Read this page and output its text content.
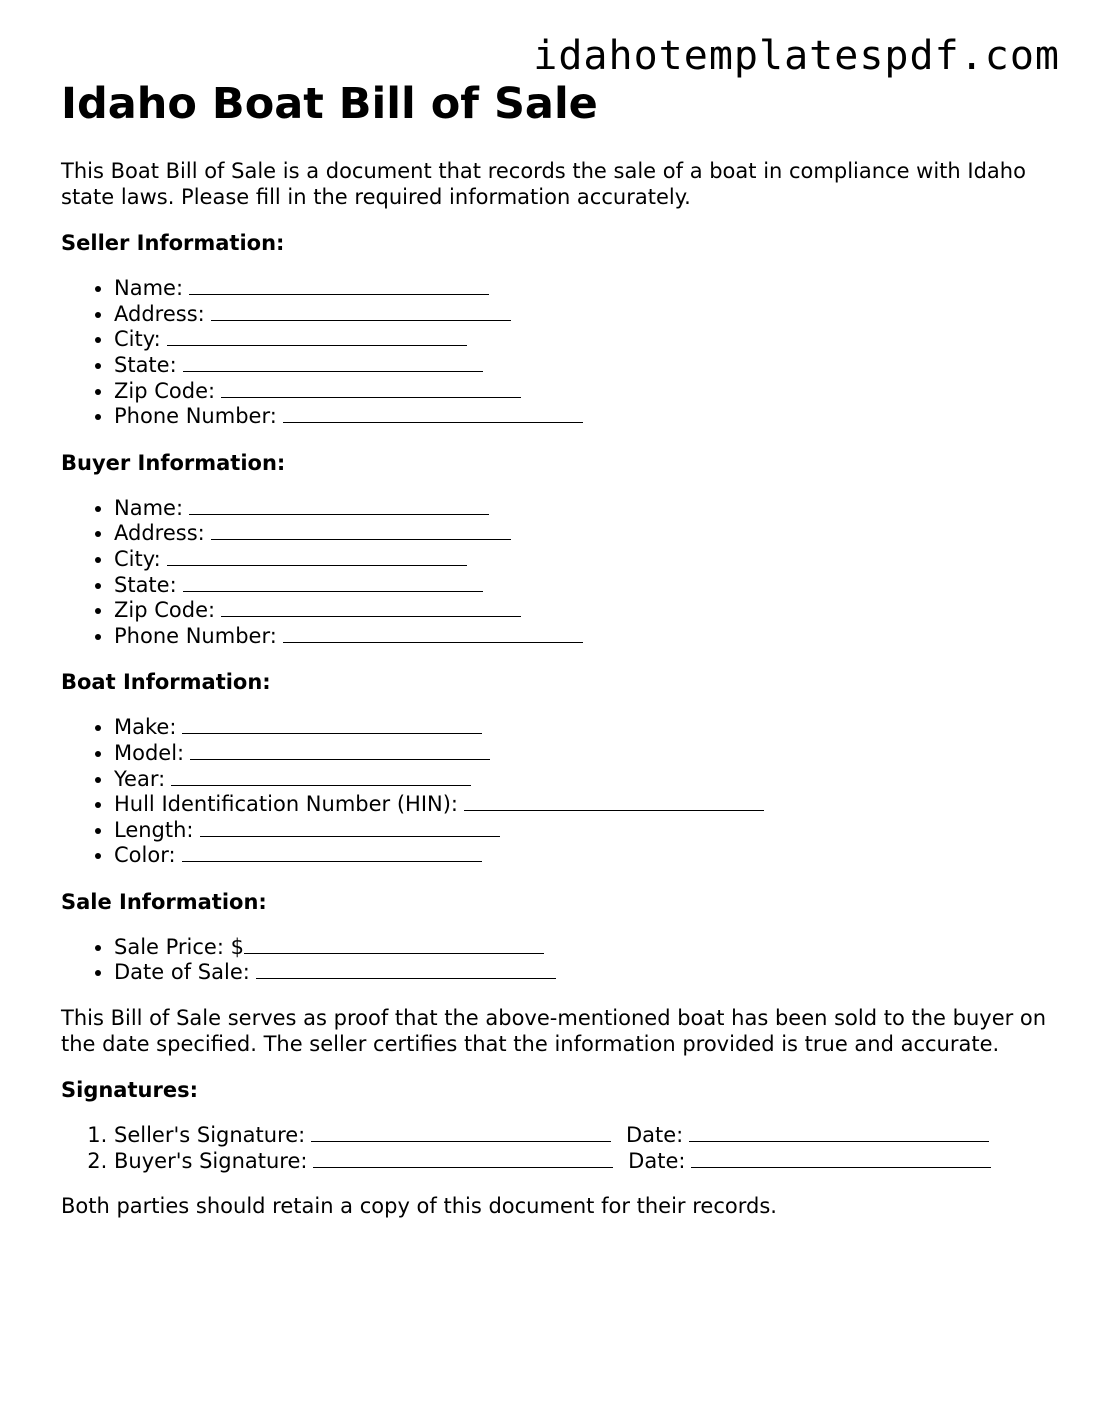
idahotemplatespdf.com
Idaho Boat Bill of Sale

This Boat Bill of Sale is a document that records the sale of a boat in compliance with Idaho state laws. Please fill in the required information accurately.

Seller Information:
• Name:
• Address:
• City:
• State:
• Zip Code:
• Phone Number:
Buyer Information:
• Name:
• Address:
• City:
• State:
• Zip Code:
• Phone Number:
Boat Information:
• Make:
• Model:
• Year:
• Hull Identification Number (HIN):
• Length:
• Color:
Sale Information:
• Sale Price: $
• Date of Sale:

This Bill of Sale serves as proof that the above-mentioned boat has been sold to the buyer on the date specified. The seller certifies that the information provided is true and accurate.

Signatures:
1. Seller's Signature:	Date:
2. Buyer's Signature:	Date:

Both parties should retain a copy of this document for their records.
